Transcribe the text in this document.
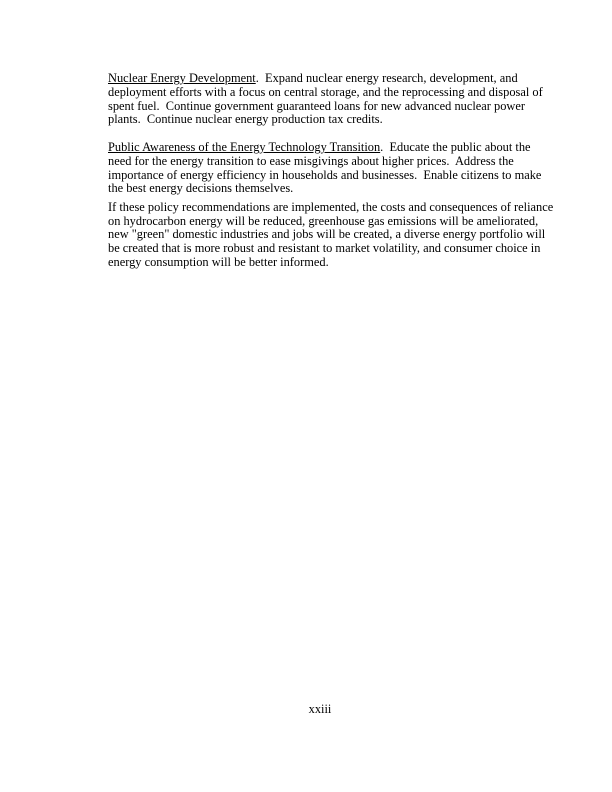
Nuclear Energy Development.  Expand nuclear energy research, development, and
deployment efforts with a focus on central storage, and the reprocessing and disposal of
spent fuel.  Continue government guaranteed loans for new advanced nuclear power
plants.  Continue nuclear energy production tax credits.
Public Awareness of the Energy Technology Transition.  Educate the public about the
need for the energy transition to ease misgivings about higher prices.  Address the
importance of energy efficiency in households and businesses.  Enable citizens to make
the best energy decisions themselves.
If these policy recommendations are implemented, the costs and consequences of reliance
on hydrocarbon energy will be reduced, greenhouse gas emissions will be ameliorated,
new "green" domestic industries and jobs will be created, a diverse energy portfolio will
be created that is more robust and resistant to market volatility, and consumer choice in
energy consumption will be better informed.
xxiii
